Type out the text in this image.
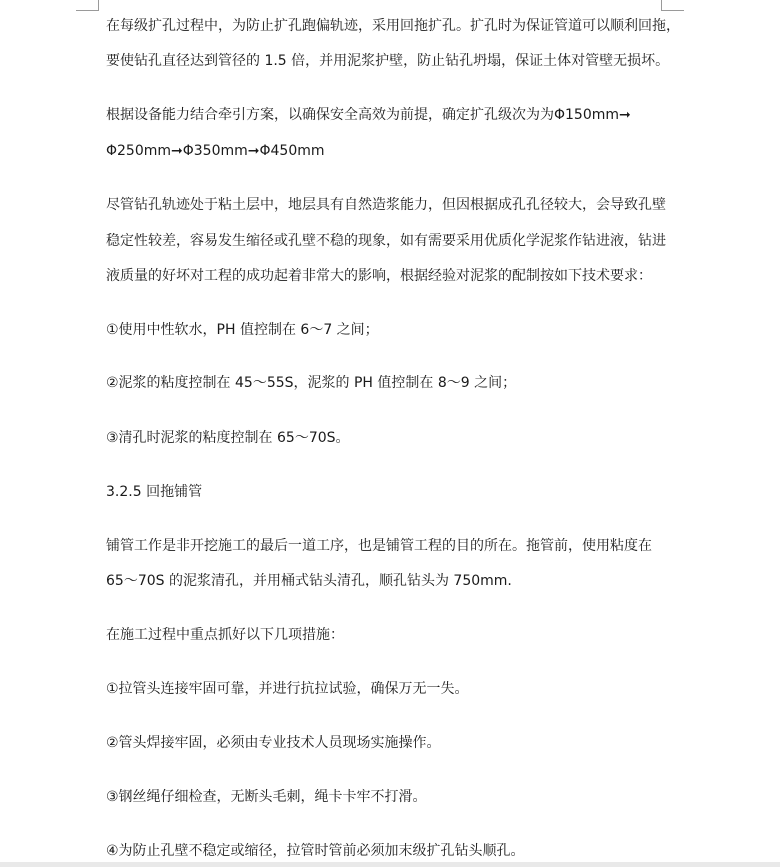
在每级扩孔过程中，为防止扩孔跑偏轨迹，采用回拖扩孔。扩孔时为保证管道可以顺利回拖，
要使钻孔直径达到管径的 1.5 倍，并用泥浆护壁，防止钻孔坍塌，保证土体对管壁无损坏。
根据设备能力结合牵引方案，以确保安全高效为前提，确定扩孔级次为为Φ150mm➞
Φ250mm➞Φ350mm➞Φ450mm
尽管钻孔轨迹处于粘土层中，地层具有自然造浆能力，但因根据成孔孔径较大，会导致孔壁
稳定性较差，容易发生缩径或孔壁不稳的现象，如有需要采用优质化学泥浆作钻进液，钻进
液质量的好坏对工程的成功起着非常大的影响，根据经验对泥浆的配制按如下技术要求：
①使用中性软水，PH 值控制在 6～7 之间；
②泥浆的粘度控制在 45～55S，泥浆的 PH 值控制在 8～9 之间；
③清孔时泥浆的粘度控制在 65～70S。
3.2.5 回拖铺管
铺管工作是非开挖施工的最后一道工序，也是铺管工程的目的所在。拖管前，使用粘度在
65～70S 的泥浆清孔，并用桶式钻头清孔，顺孔钻头为 750mm.
在施工过程中重点抓好以下几项措施：
①拉管头连接牢固可靠，并进行抗拉试验，确保万无一失。
②管头焊接牢固，必须由专业技术人员现场实施操作。
③钢丝绳仔细检查，无断头毛刺，绳卡卡牢不打滑。
④为防止孔壁不稳定或缩径，拉管时管前必须加末级扩孔钻头顺孔。
